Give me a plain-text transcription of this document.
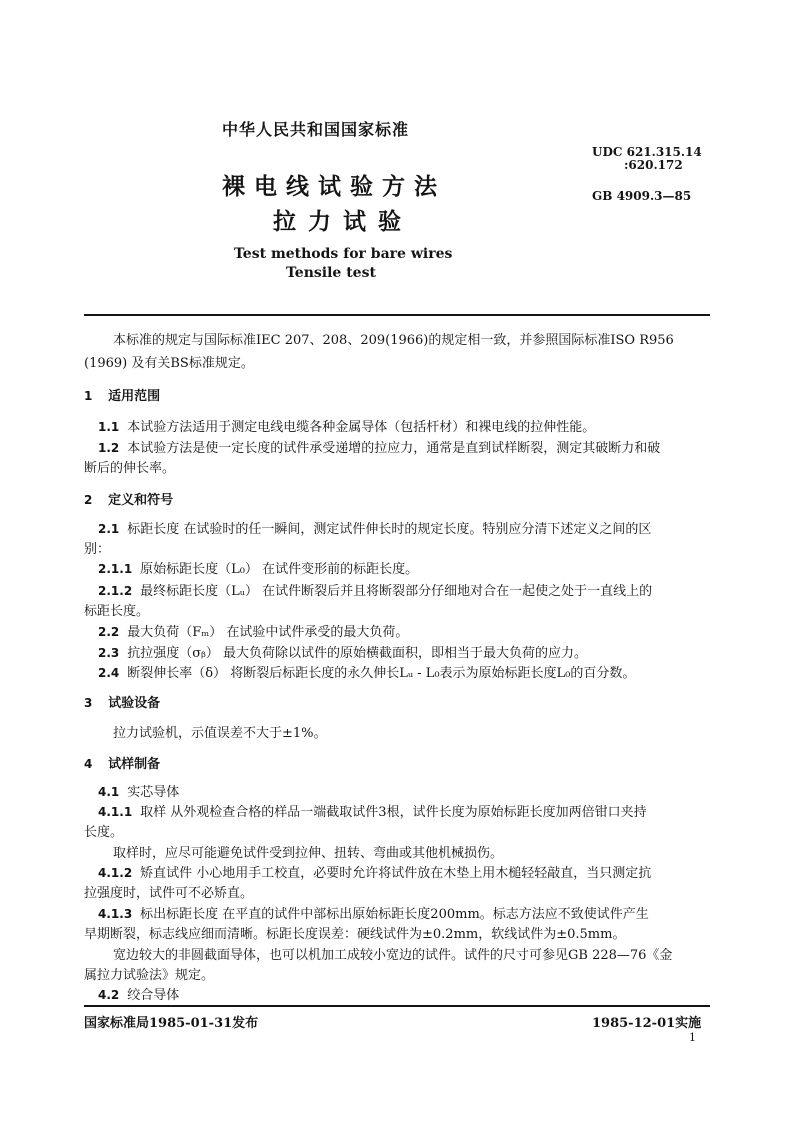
中华人民共和国国家标准
UDC 621.315.14
:620.172
GB 4909.3—85
裸电线试验方法
拉力试验
Test methods for bare wires
Tensile test
本标准的规定与国际标准IEC 207、208、209(1966)的规定相一致，并参照国际标准ISO R956
(1969) 及有关BS标准规定。
1 适用范围
1.1 本试验方法适用于测定电线电缆各种金属导体（包括杆材）和裸电线的拉伸性能。
1.2 本试验方法是使一定长度的试件承受递增的拉应力，通常是直到试样断裂，测定其破断力和破
断后的伸长率。
2 定义和符号
2.1 标距长度 在试验时的任一瞬间，测定试件伸长时的规定长度。特别应分清下述定义之间的区
别：
2.1.1 原始标距长度（L₀） 在试件变形前的标距长度。
2.1.2 最终标距长度（Lᵤ） 在试件断裂后并且将断裂部分仔细地对合在一起使之处于一直线上的
标距长度。
2.2 最大负荷（Fₘ） 在试验中试件承受的最大负荷。
2.3 抗拉强度（σᵦ） 最大负荷除以试件的原始横截面积，即相当于最大负荷的应力。
2.4 断裂伸长率（δ） 将断裂后标距长度的永久伸长Lᵤ - L₀表示为原始标距长度L₀的百分数。
3 试验设备
拉力试验机，示值误差不大于±1%。
4 试样制备
4.1 实芯导体
4.1.1 取样 从外观检查合格的样品一端截取试件3根，试件长度为原始标距长度加两倍钳口夹持
长度。
取样时，应尽可能避免试件受到拉伸、扭转、弯曲或其他机械损伤。
4.1.2 矫直试件 小心地用手工校直，必要时允许将试件放在木垫上用木槌轻轻敲直，当只测定抗
拉强度时，试件可不必矫直。
4.1.3 标出标距长度 在平直的试件中部标出原始标距长度200mm。标志方法应不致使试件产生
早期断裂，标志线应细而清晰。标距长度误差：硬线试件为±0.2mm，软线试件为±0.5mm。
宽边较大的非圆截面导体，也可以机加工成较小宽边的试件。试件的尺寸可参见GB 228—76《金
属拉力试验法》规定。
4.2 绞合导体
国家标准局1985-01-31发布	1985-12-01实施
1
